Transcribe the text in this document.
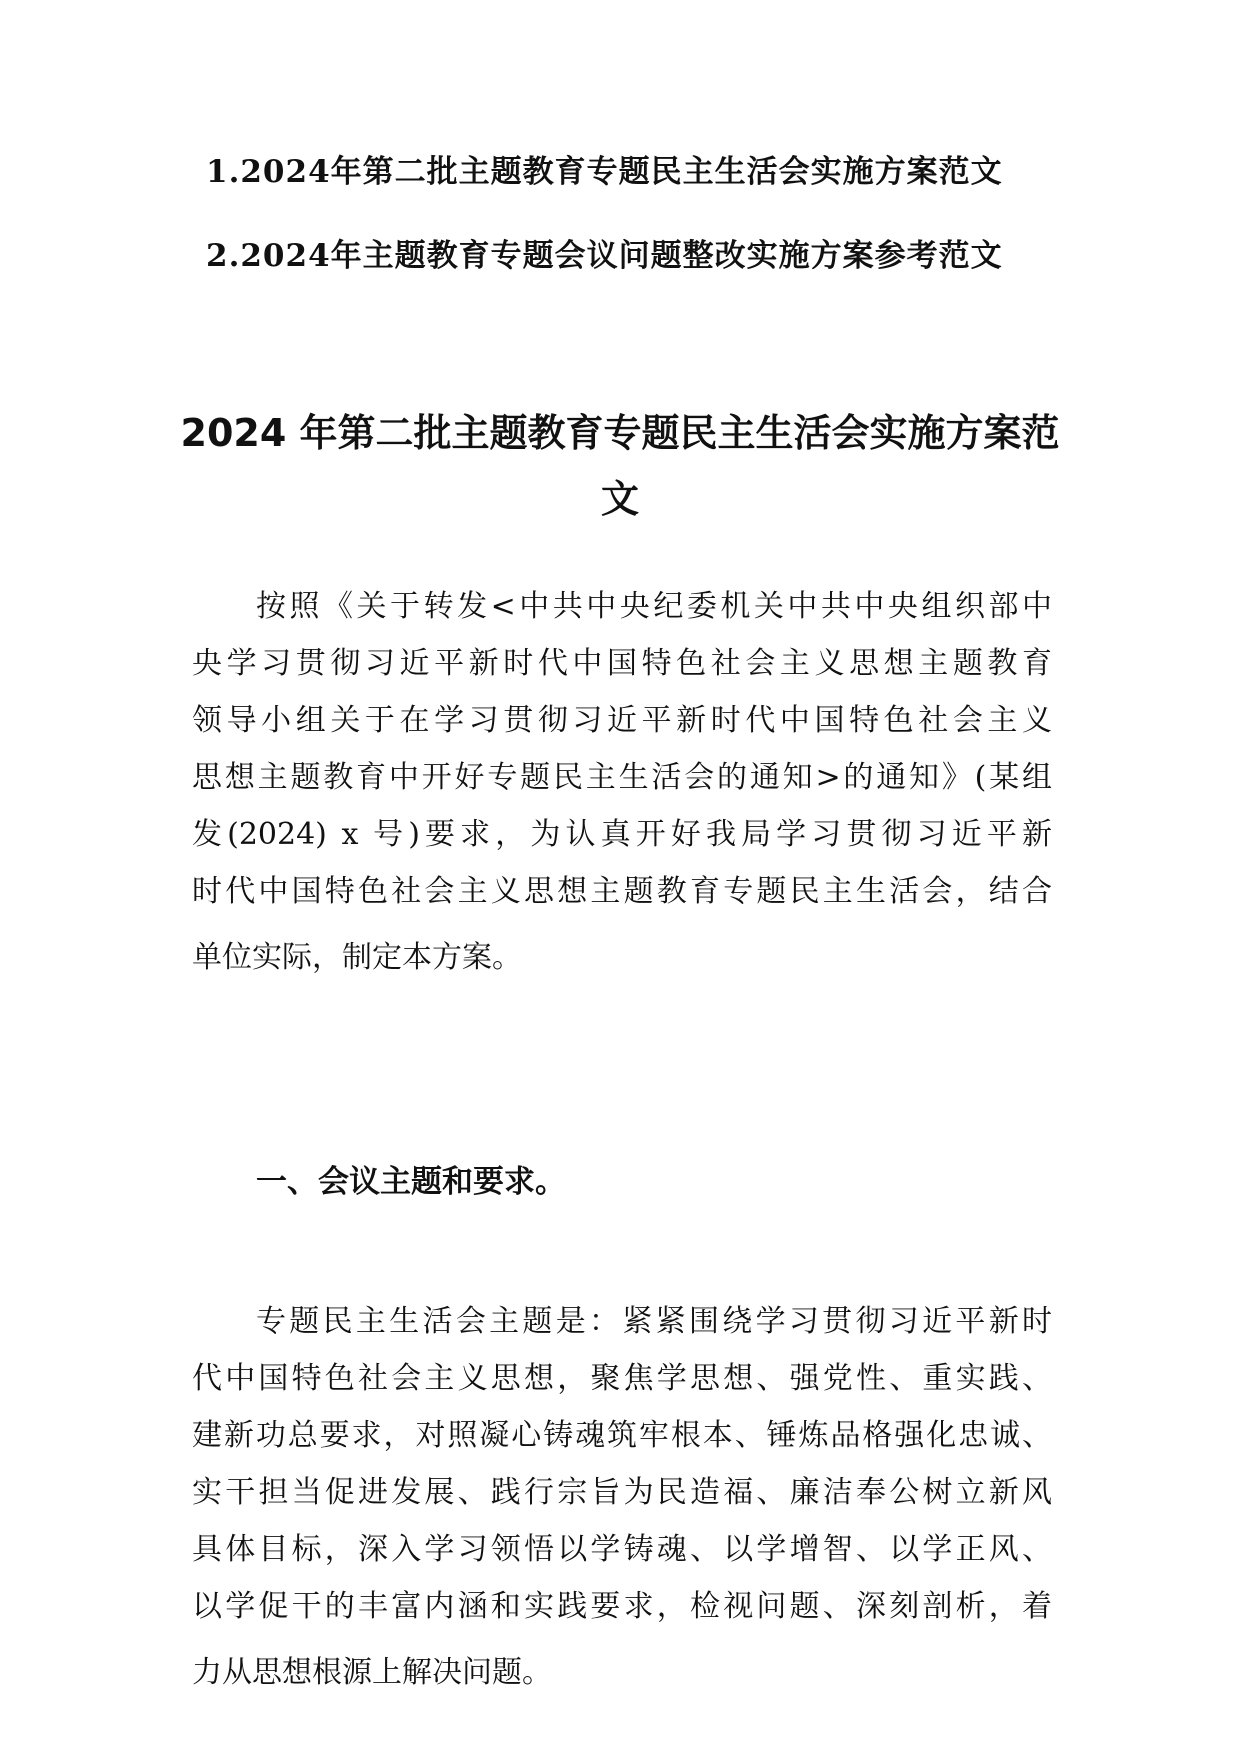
1.2024年第二批主题教育专题民主生活会实施方案范文
2.2024年主题教育专题会议问题整改实施方案参考范文
2024 年第二批主题教育专题民主生活会实施方案范
文
按照《关于转发<中共中央纪委机关中共中央组织部中
央学习贯彻习近平新时代中国特色社会主义思想主题教育
领导小组关于在学习贯彻习近平新时代中国特色社会主义
思想主题教育中开好专题民主生活会的通知>的通知》(某组
发(2024) x 号)要求，为认真开好我局学习贯彻习近平新
时代中国特色社会主义思想主题教育专题民主生活会，结合
单位实际，制定本方案。
一、会议主题和要求。
专题民主生活会主题是：紧紧围绕学习贯彻习近平新时
代中国特色社会主义思想，聚焦学思想、强党性、重实践、
建新功总要求，对照凝心铸魂筑牢根本、锤炼品格强化忠诚、
实干担当促进发展、践行宗旨为民造福、廉洁奉公树立新风
具体目标，深入学习领悟以学铸魂、以学增智、以学正风、
以学促干的丰富内涵和实践要求，检视问题、深刻剖析，着
力从思想根源上解决问题。
